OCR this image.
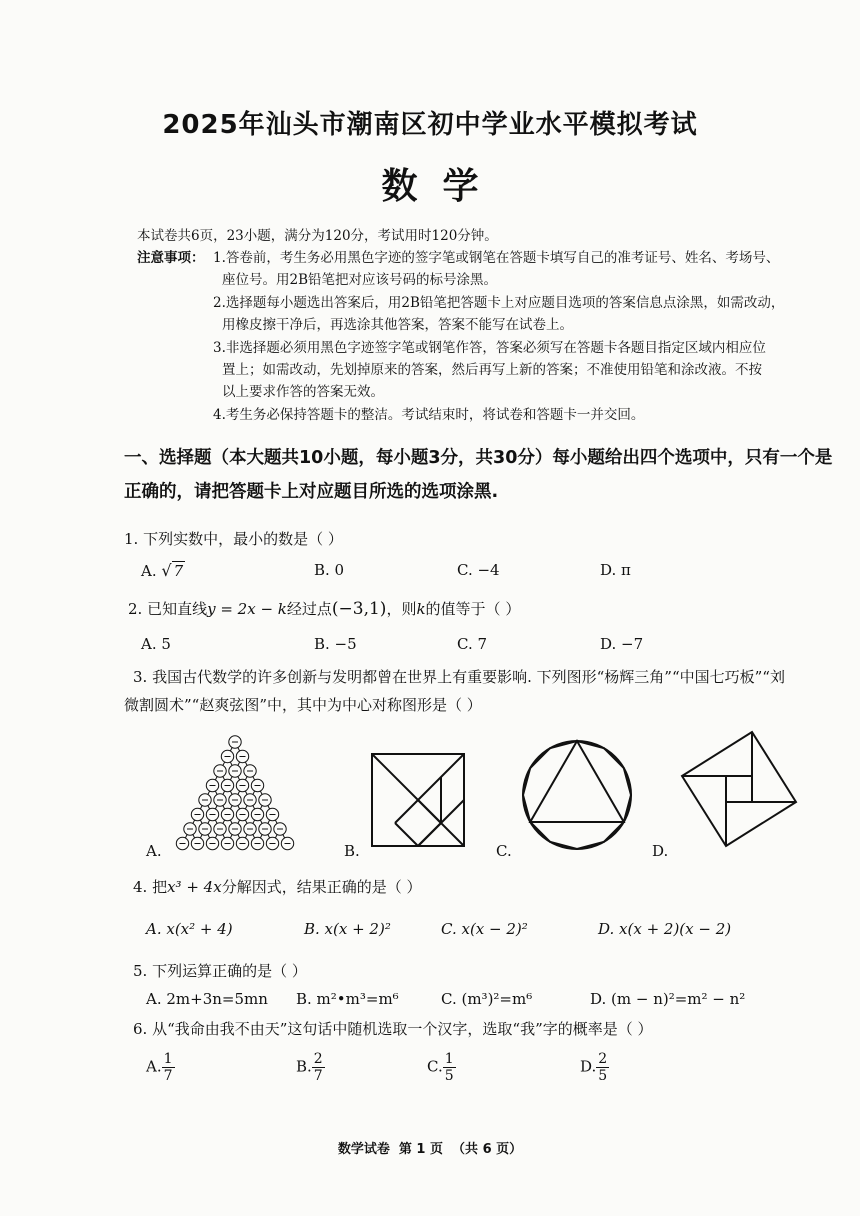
2025年汕头市潮南区初中学业水平模拟考试
数  学
本试卷共6页，23小题，满分为120分，考试用时120分钟。
注意事项： 1.答卷前，考生务必用黑色字迹的签字笔或钢笔在答题卡填写自己的准考证号、姓名、考场号、
座位号。用2B铅笔把对应该号码的标号涂黑。
2.选择题每小题选出答案后，用2B铅笔把答题卡上对应题目选项的答案信息点涂黑，如需改动，
用橡皮擦干净后，再选涂其他答案，答案不能写在试卷上。
3.非选择题必须用黑色字迹签字笔或钢笔作答，答案必须写在答题卡各题目指定区域内相应位
置上；如需改动，先划掉原来的答案，然后再写上新的答案；不准使用铅笔和涂改液。不按
以上要求作答的答案无效。
4.考生务必保持答题卡的整洁。考试结束时，将试卷和答题卡一并交回。
一、选择题（本大题共10小题，每小题3分，共30分）每小题给出四个选项中，只有一个是
正确的，请把答题卡上对应题目所选的选项涂黑.
1. 下列实数中，最小的数是（ ）
A. √ 7	B. 0	C. −4	D. π
2. 已知直线y = 2x − k经过点(−3,1)，则k的值等于（ ）
A. 5	B. −5	C. 7	D. −7
3. 我国古代数学的许多创新与发明都曾在世界上有重要影响. 下列图形“杨辉三角”“中国七巧板”“刘
微割圆术”“赵爽弦图”中，其中为中心对称图形是（ ）
A.	B.	C.	D.
4. 把x³ + 4x分解因式，结果正确的是（ ）
A. x(x² + 4)	B. x(x + 2)²	C. x(x − 2)²	D. x(x + 2)(x − 2)
5. 下列运算正确的是（ ）
A. 2m+3n=5mn B. m²•m³=m⁶	C. (m³)²=m⁶	D. (m − n)²=m² − n²
6. 从“我命由我不由天”这句话中随机选取一个汉字，选取“我”字的概率是（ ）
A. $\frac{1}{7}$	B. $\frac{2}{7}$	C. $\frac{1}{5}$	D. $\frac{2}{5}$
数学试卷  第 1 页  （共 6 页）
